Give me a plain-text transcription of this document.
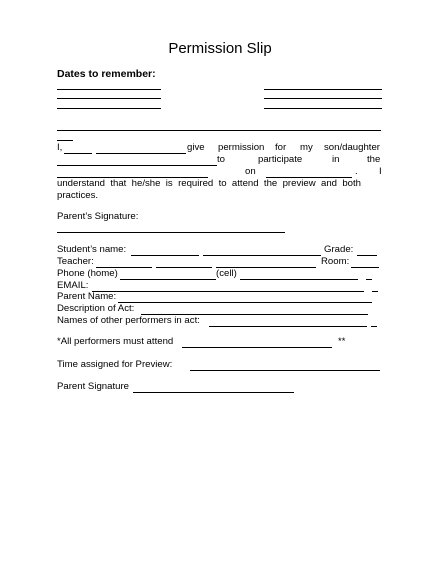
Permission Slip
Dates to remember:
I,	give permission for my son/daughter
to	participate	in	the
on	. I
understand  that  he/she  is  required  to  attend  the  preview  and  both
practices.
Parent’s Signature:
Student’s name:	Grade:
Teacher:	Room:
Phone (home)	(cell)
EMAIL:
Parent Name:
Description of Act:
Names of other performers in act:
*All performers must attend	**
Time assigned for Preview:
Parent Signature
